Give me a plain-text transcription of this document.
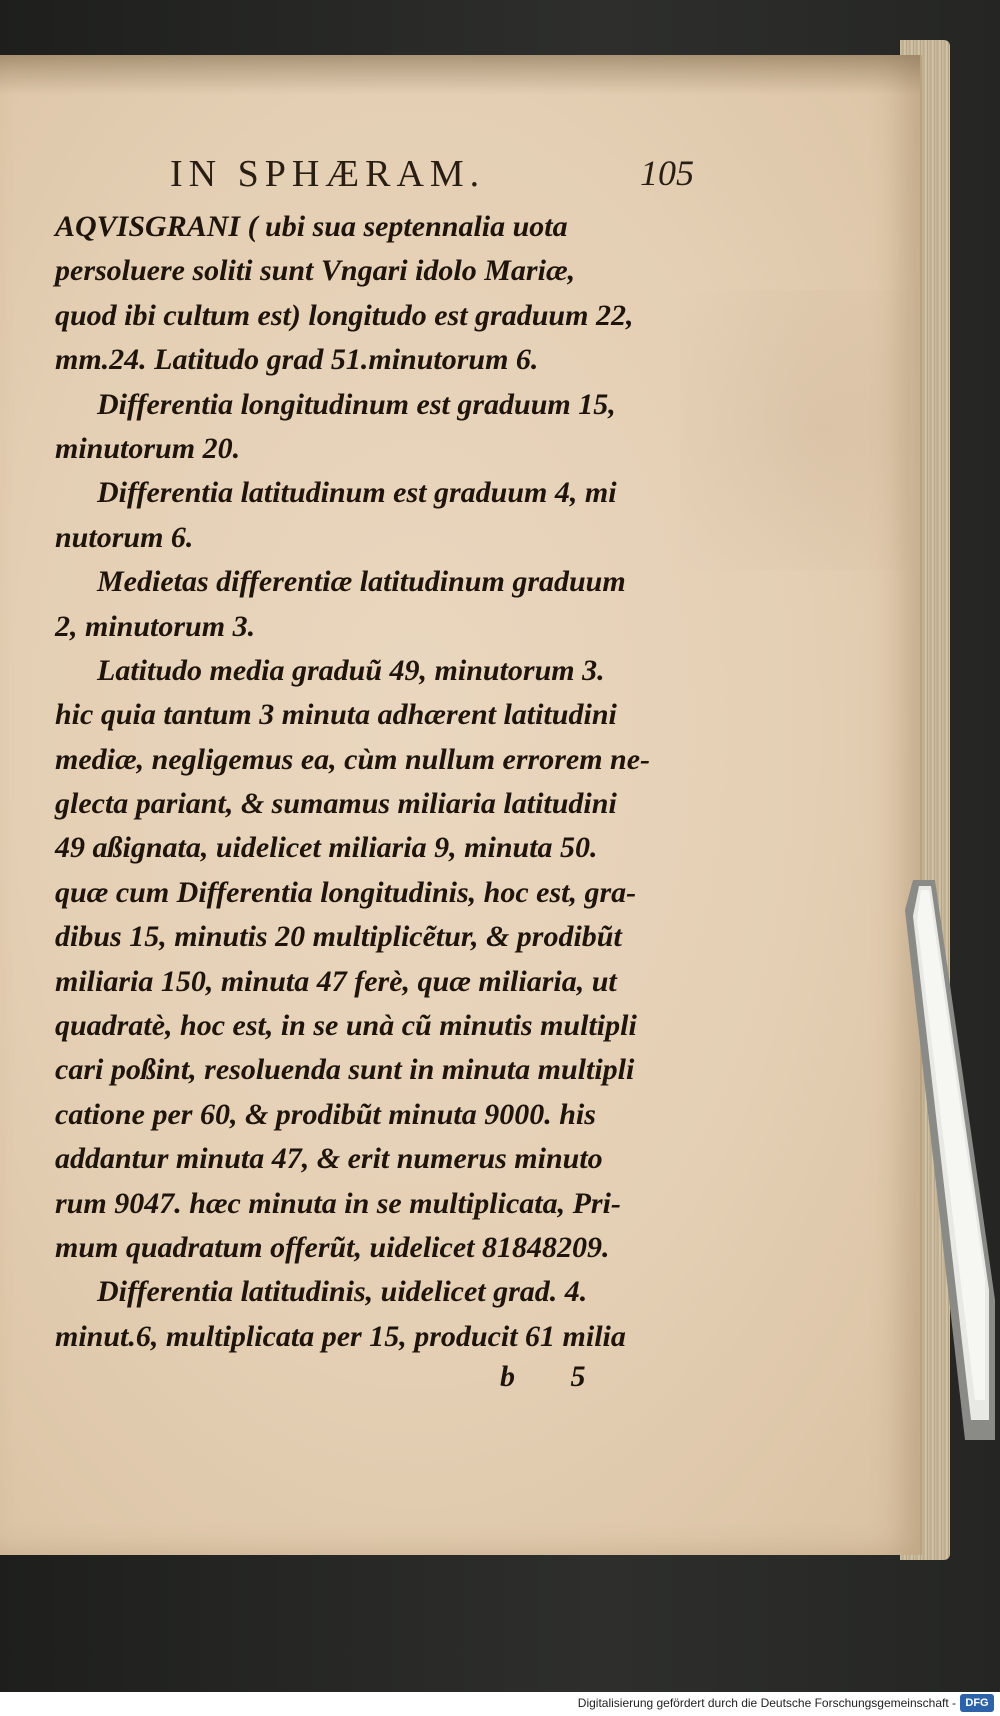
IN SPHÆRAM.	105
AQVISGRANI ( ubi sua septennalia uota
persoluere soliti sunt Vngari idolo Mariæ,
quod ibi cultum est) longitudo est graduum 22,
mm.24. Latitudo grad 51.minutorum 6.
Differentia longitudinum est graduum 15,
minutorum 20.
Differentia latitudinum est graduum 4, mi
nutorum 6.
Medietas differentiæ latitudinum graduum
2, minutorum 3.
Latitudo media graduũ 49, minutorum 3.
hic quia tantum 3 minuta adhærent latitudini
mediæ, negligemus ea, cùm nullum errorem ne-
glecta pariant, & sumamus miliaria latitudini
49 aßignata, uidelicet miliaria 9, minuta 50.
quæ cum Differentia longitudinis, hoc est, gra-
dibus 15, minutis 20 multiplicẽtur, & prodibũt
miliaria 150, minuta 47 ferè, quæ miliaria, ut
quadratè, hoc est, in se unà cũ minutis multipli
cari poßint, resoluenda sunt in minuta multipli
catione per 60, & prodibũt minuta 9000. his
addantur minuta 47, & erit numerus minuto
rum 9047. hæc minuta in se multiplicata, Pri-
mum quadratum offerũt, uidelicet 81848209.
Differentia latitudinis, uidelicet grad. 4.
minut.6, multiplicata per 15, producit 61 milia
b 5
Digitalisierung gefördert durch die Deutsche Forschungsgemeinschaft - DFG
